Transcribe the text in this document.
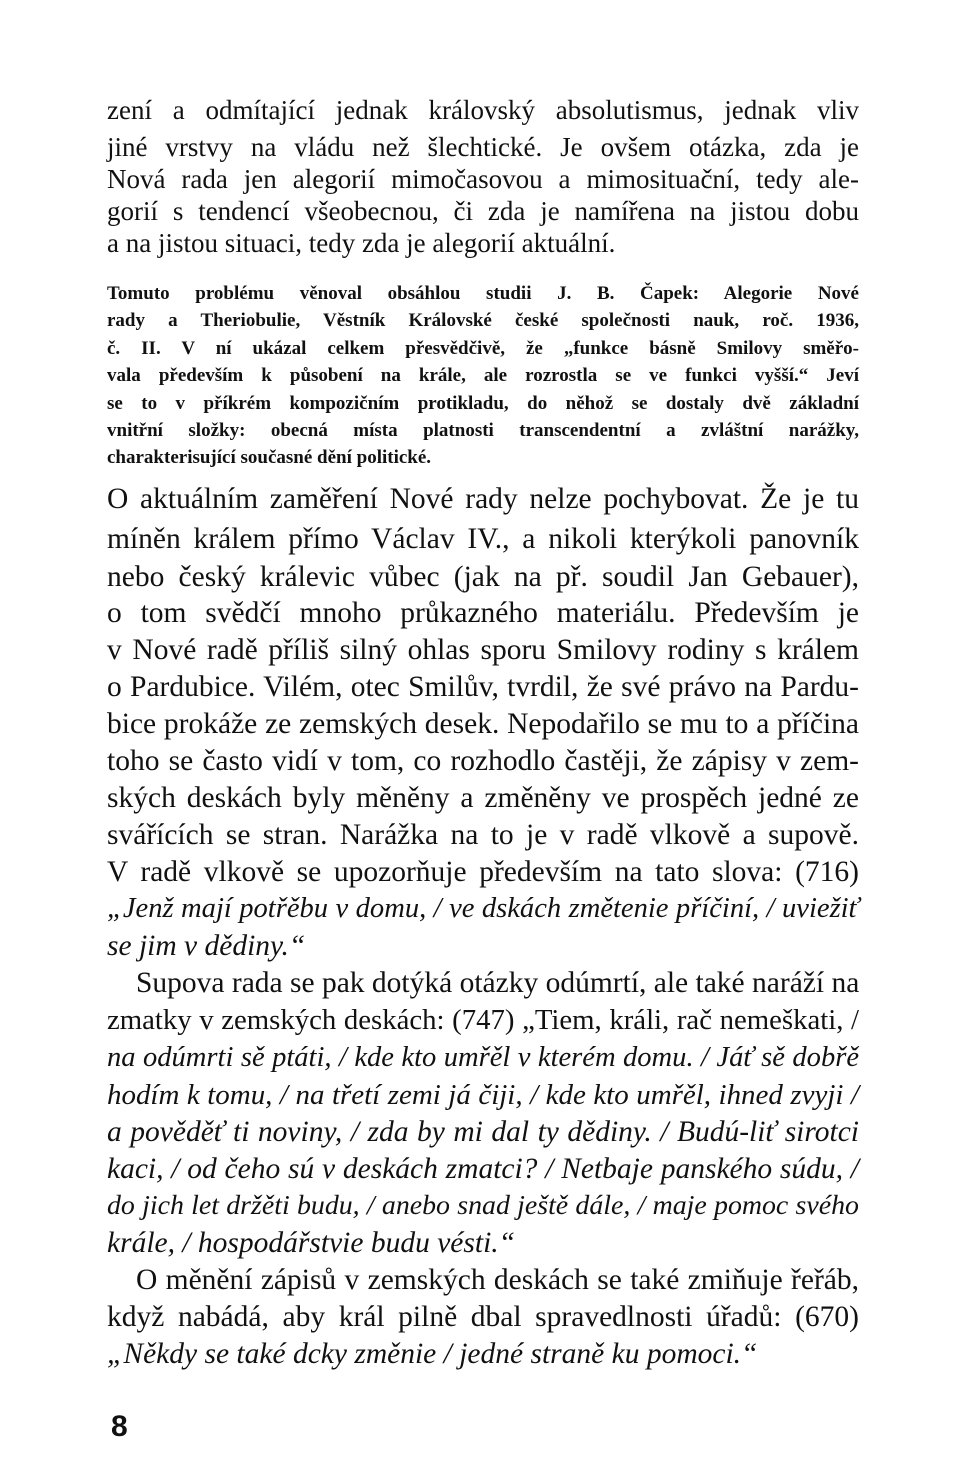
zení a odmítající jednak královský absolutismus, jednak vliv
jiné vrstvy na vládu než šlechtické. Je ovšem otázka, zda je
Nová rada jen alegorií mimočasovou a mimosituační, tedy ale-
gorií s tendencí všeobecnou, či zda je namířena na jistou dobu
a na jistou situaci, tedy zda je alegorií aktuální.
Tomuto problému věnoval obsáhlou studii J. B. Čapek: Alegorie Nové
rady a Theriobulie, Věstník Královské české společnosti nauk, roč. 1936,
č. II. V ní ukázal celkem přesvědčivě, že „funkce básně Smilovy směřo-
vala především k působení na krále, ale rozrostla se ve funkci vyšší.“ Jeví
se to v příkrém kompozičním protikladu, do něhož se dostaly dvě základní
vnitřní složky: obecná místa platnosti transcendentní a zvláštní narážky,
charakterisující současné dění politické.
O aktuálním zaměření Nové rady nelze pochybovat. Že je tu
míněn králem přímo Václav IV., a nikoli kterýkoli panovník
nebo český králevic vůbec (jak na př. soudil Jan Gebauer),
o tom svědčí mnoho průkazného materiálu. Především je
v Nové radě příliš silný ohlas sporu Smilovy rodiny s králem
o Pardubice. Vilém, otec Smilův, tvrdil, že své právo na Pardu-
bice prokáže ze zemských desek. Nepodařilo se mu to a příčina
toho se často vidí v tom, co rozhodlo častěji, že zápisy v zem-
ských deskách byly měněny a změněny ve prospěch jedné ze
svářících se stran. Narážka na to je v radě vlkově a supově.
V radě vlkově se upozorňuje především na tato slova: (716)
„Jenž mají potřěbu v domu, / ve dskách změtenie příčiní, / uviežiť
se jim v dědiny.“
Supova rada se pak dotýká otázky odúmrtí, ale také naráží na
zmatky v zemských deskách: (747) „Tiem, králi, rač nemeškati, /
na odúmrti sě ptáti, / kde kto umřěl v kterém domu. / Jáť sě dobřě
hodím k tomu, / na třetí zemi já čiji, / kde kto umřěl, ihned zvyji /
a pověděť ti noviny, / zda by mi dal ty dědiny. / Budú-liť sirotci
kaci, / od čeho sú v deskách zmatci? / Netbaje panského súdu, /
do jich let držěti budu, / anebo snad ještě dále, / maje pomoc svého
krále, / hospodářstvie budu vésti.“
O měnění zápisů v zemských deskách se také zmiňuje řeřáb,
když nabádá, aby král pilně dbal spravedlnosti úřadů: (670)
„Někdy se také dcky změnie / jedné straně ku pomoci.“
8
